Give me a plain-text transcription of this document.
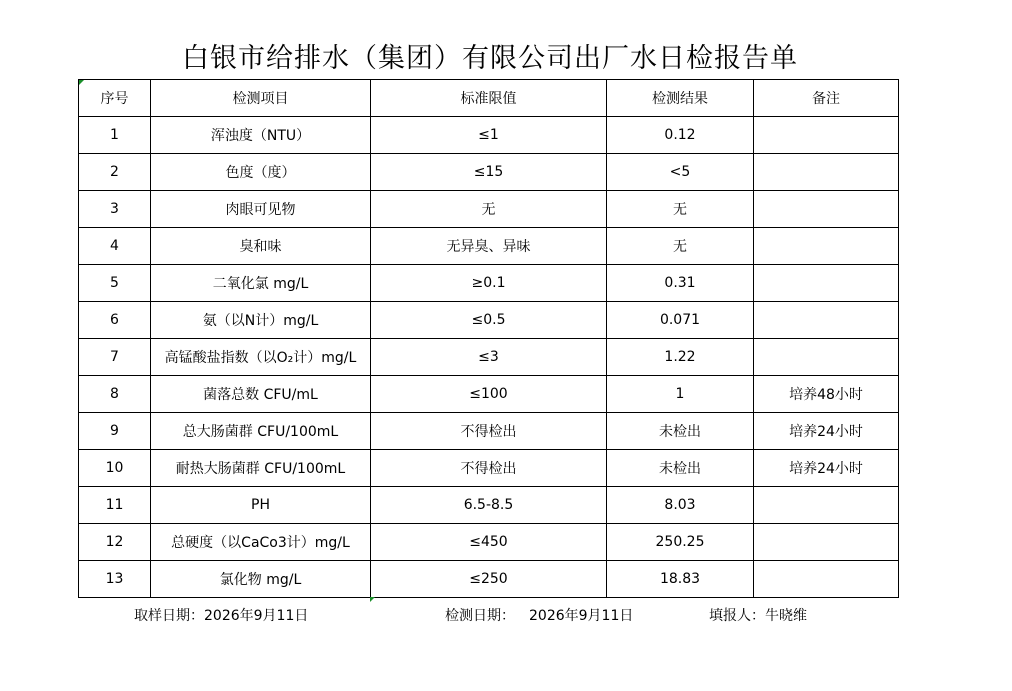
白银市给排水（集团）有限公司出厂水日检报告单
序号	检测项目	标准限值	检测结果	备注
1	浑浊度（NTU）	≤1	0.12	
2	色度（度）	≤15	<5	
3	肉眼可见物	无	无	
4	臭和味	无异臭、异味	无	
5	二氧化氯 mg/L	≥0.1	0.31	
6	氨（以N计）mg/L	≤0.5	0.071	
7	高锰酸盐指数（以O₂计）mg/L	≤3	1.22	
8	菌落总数 CFU/mL	≤100	1	培养48小时
9	总大肠菌群 CFU/100mL	不得检出	未检出	培养24小时
10	耐热大肠菌群 CFU/100mL	不得检出	未检出	培养24小时
11	PH	6.5-8.5	8.03	
12	总硬度（以CaCo3计）mg/L	≤450	250.25	
13	氯化物 mg/L	≤250	18.83	
取样日期：2026年9月11日	检测日期： 2026年9月11日	填报人：牛晓维
